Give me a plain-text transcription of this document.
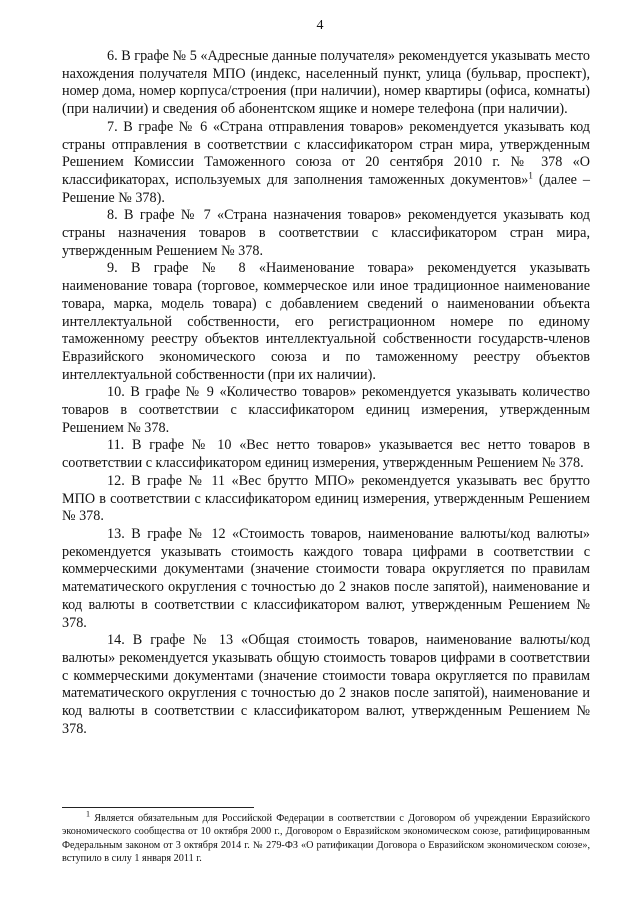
4

6. В графе № 5 «Адресные данные получателя» рекомендуется указывать место нахождения получателя МПО (индекс, населенный пункт, улица (бульвар, проспект), номер дома, номер корпуса/строения (при наличии), номер квартиры (офиса, комнаты) (при наличии) и сведения об абонентском ящике и номере телефона (при наличии).

7. В графе № 6 «Страна отправления товаров» рекомендуется указывать код страны отправления в соответствии с классификатором стран мира, утвержденным Решением Комиссии Таможенного союза от 20 сентября 2010 г. № 378 «О классификаторах, используемых для заполнения таможенных документов»$^1$ (далее – Решение № 378).

8. В графе № 7 «Страна назначения товаров» рекомендуется указывать код страны назначения товаров в соответствии с классификатором стран мира, утвержденным Решением № 378.

9. В графе № 8 «Наименование товара» рекомендуется указывать наименование товара (торговое, коммерческое или иное традиционное наименование товара, марка, модель товара) с добавлением сведений о наименовании объекта интеллектуальной собственности, его регистрационном номере по единому таможенному реестру объектов интеллектуальной собственности государств-членов Евразийского экономического союза и по таможенному реестру объектов интеллектуальной собственности (при их наличии).

10. В графе № 9 «Количество товаров» рекомендуется указывать количество товаров в соответствии с классификатором единиц измерения, утвержденным Решением № 378.

11. В графе № 10 «Вес нетто товаров» указывается вес нетто товаров в соответствии с классификатором единиц измерения, утвержденным Решением № 378.

12. В графе № 11 «Вес брутто МПО» рекомендуется указывать вес брутто МПО в соответствии с классификатором единиц измерения, утвержденным Решением № 378.

13. В графе № 12 «Стоимость товаров, наименование валюты/код валюты» рекомендуется указывать стоимость каждого товара цифрами в соответствии с коммерческими документами (значение стоимости товара округляется по правилам математического округления с точностью до 2 знаков после запятой), наименование и код валюты в соответствии с классификатором валют, утвержденным Решением № 378.

14. В графе № 13 «Общая стоимость товаров, наименование валюты/код валюты» рекомендуется указывать общую стоимость товаров цифрами в соответствии с коммерческими документами (значение стоимости товара округляется по правилам математического округления с точностью до 2 знаков после запятой), наименование и код валюты в соответствии с классификатором валют, утвержденным Решением № 378.

$^1$ Является обязательным для Российской Федерации в соответствии с Договором об учреждении Евразийского экономического сообщества от 10 октября 2000 г., Договором о Евразийском экономическом союзе, ратифицированным Федеральным законом от 3 октября 2014 г. № 279-ФЗ «О ратификации Договора о Евразийском экономическом союзе», вступило в силу 1 января 2011 г.
